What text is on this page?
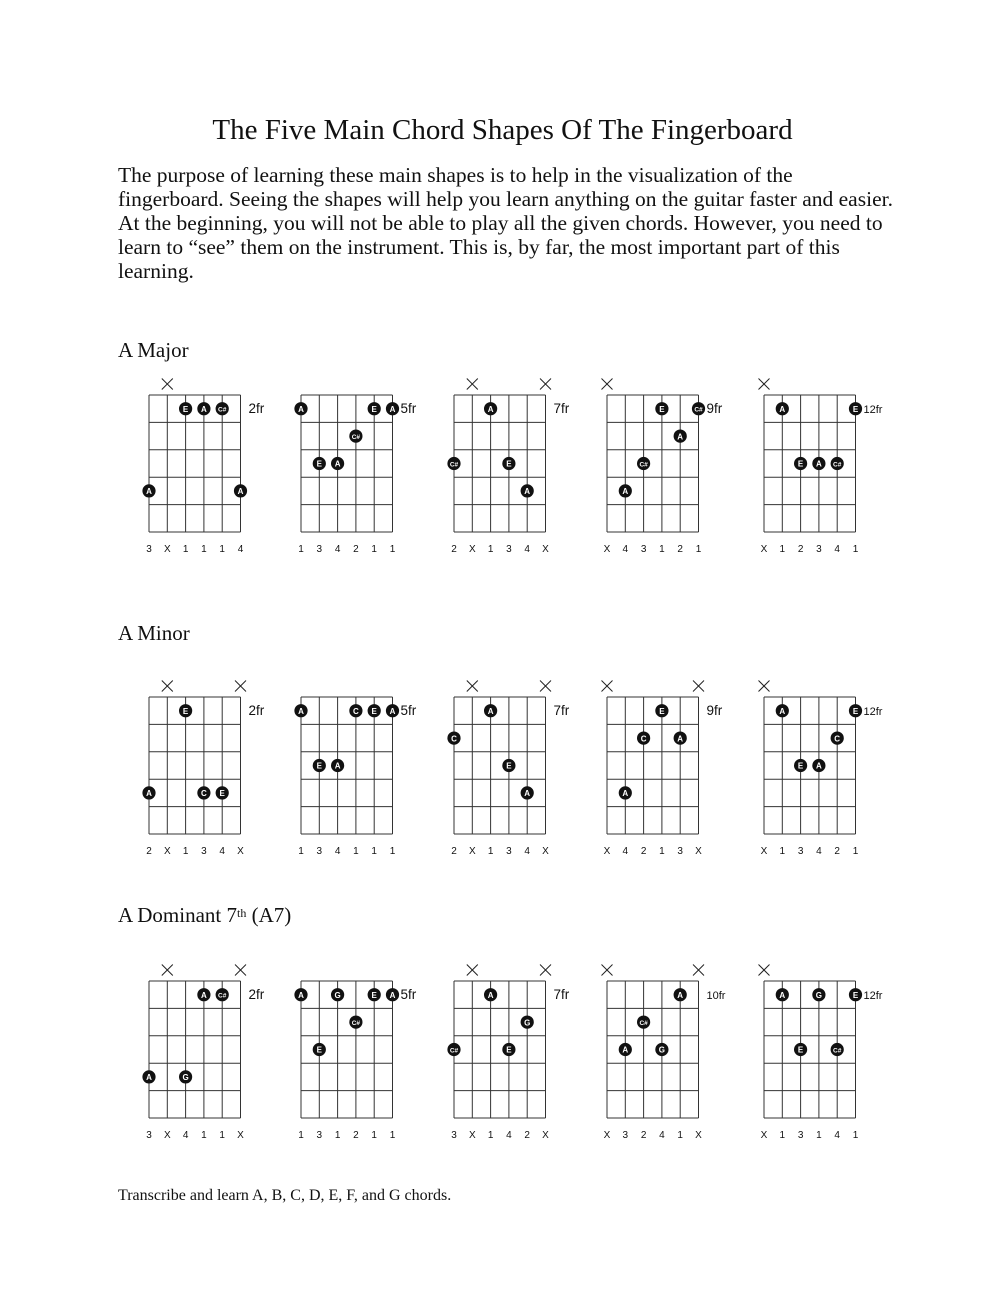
The Five Main Chord Shapes Of The Fingerboard

The purpose of learning these main shapes is to help in the visualization of the fingerboard. Seeing the shapes will help you learn anything on the guitar faster and easier. At the beginning, you will not be able to play all the given chords. However, you need to learn to “see” them on the instrument. This is, by far, the most important part of this learning.

A Major
A Minor
A Dominant 7th (A7)
2fr
E A C#
A	A
3 X 1 1 1 4
5fr
A	E A
C#
E A
1 3 4 2 1 1
7fr
A
C#	E
A
2 X 1 3 4 X
9fr
E	C#
A
C#
A
X 4 3 1 2 1
12fr
A	E
E A C#
X 1 2 3 4 1
2fr
E
A	C E
2 X 1 3 4 X
5fr
A	C E A
E A
1 3 4 1 1 1
7fr
A
C
E
A
2 X 1 3 4 X
9fr
E
C	A
A
X 4 2 1 3 X
12fr
A	E
C
E A
X 1 3 4 2 1
2fr
A C#
A	G
3 X 4 1 1 X
5fr
A	G	E A
C#
E
1 3 1 2 1 1
7fr
A
G
C#	E
3 X 1 4 2 X
10fr
A
C#
A	G
X 3 2 4 1 X
12fr
A	G	E
E	C#
X 1 3 1 4 1

Transcribe and learn A, B, C, D, E, F, and G chords.
